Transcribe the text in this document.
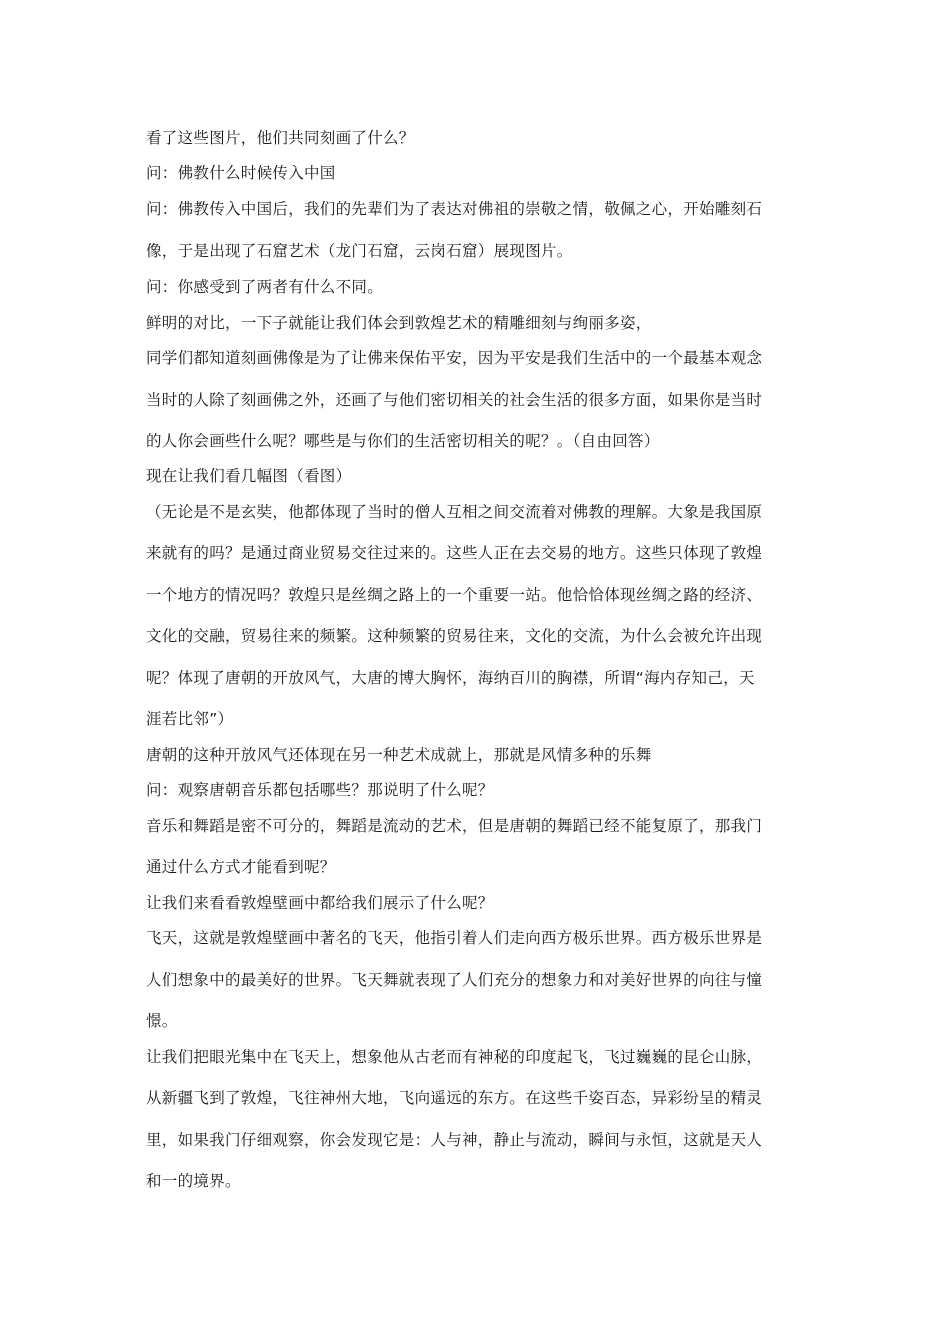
看了这些图片，他们共同刻画了什么？
问：佛教什么时候传入中国
问：佛教传入中国后，我们的先辈们为了表达对佛祖的崇敬之情，敬佩之心，开始雕刻石
像，于是出现了石窟艺术（龙门石窟，云岗石窟）展现图片。
问：你感受到了两者有什么不同。
鲜明的对比，一下子就能让我们体会到敦煌艺术的精雕细刻与绚丽多姿，
同学们都知道刻画佛像是为了让佛来保佑平安，因为平安是我们生活中的一个最基本观念
当时的人除了刻画佛之外，还画了与他们密切相关的社会生活的很多方面，如果你是当时
的人你会画些什么呢？哪些是与你们的生活密切相关的呢？。（自由回答）
现在让我们看几幅图（看图）
（无论是不是玄奘，他都体现了当时的僧人互相之间交流着对佛教的理解。大象是我国原
来就有的吗？是通过商业贸易交往过来的。这些人正在去交易的地方。这些只体现了敦煌
一个地方的情况吗？敦煌只是丝绸之路上的一个重要一站。他恰恰体现丝绸之路的经济、
文化的交融，贸易往来的频繁。这种频繁的贸易往来，文化的交流，为什么会被允许出现
呢？体现了唐朝的开放风气，大唐的博大胸怀，海纳百川的胸襟，所谓“海内存知己，天
涯若比邻”）
唐朝的这种开放风气还体现在另一种艺术成就上，那就是风情多种的乐舞
问：观察唐朝音乐都包括哪些？那说明了什么呢？
音乐和舞蹈是密不可分的，舞蹈是流动的艺术，但是唐朝的舞蹈已经不能复原了，那我门
通过什么方式才能看到呢？
让我们来看看敦煌壁画中都给我们展示了什么呢？
飞天，这就是敦煌壁画中著名的飞天，他指引着人们走向西方极乐世界。西方极乐世界是
人们想象中的最美好的世界。飞天舞就表现了人们充分的想象力和对美好世界的向往与憧
憬。
让我们把眼光集中在飞天上，想象他从古老而有神秘的印度起飞，飞过巍巍的昆仑山脉，
从新疆飞到了敦煌，飞往神州大地，飞向遥远的东方。在这些千姿百态，异彩纷呈的精灵
里，如果我门仔细观察，你会发现它是：人与神，静止与流动，瞬间与永恒，这就是天人
和一的境界。
